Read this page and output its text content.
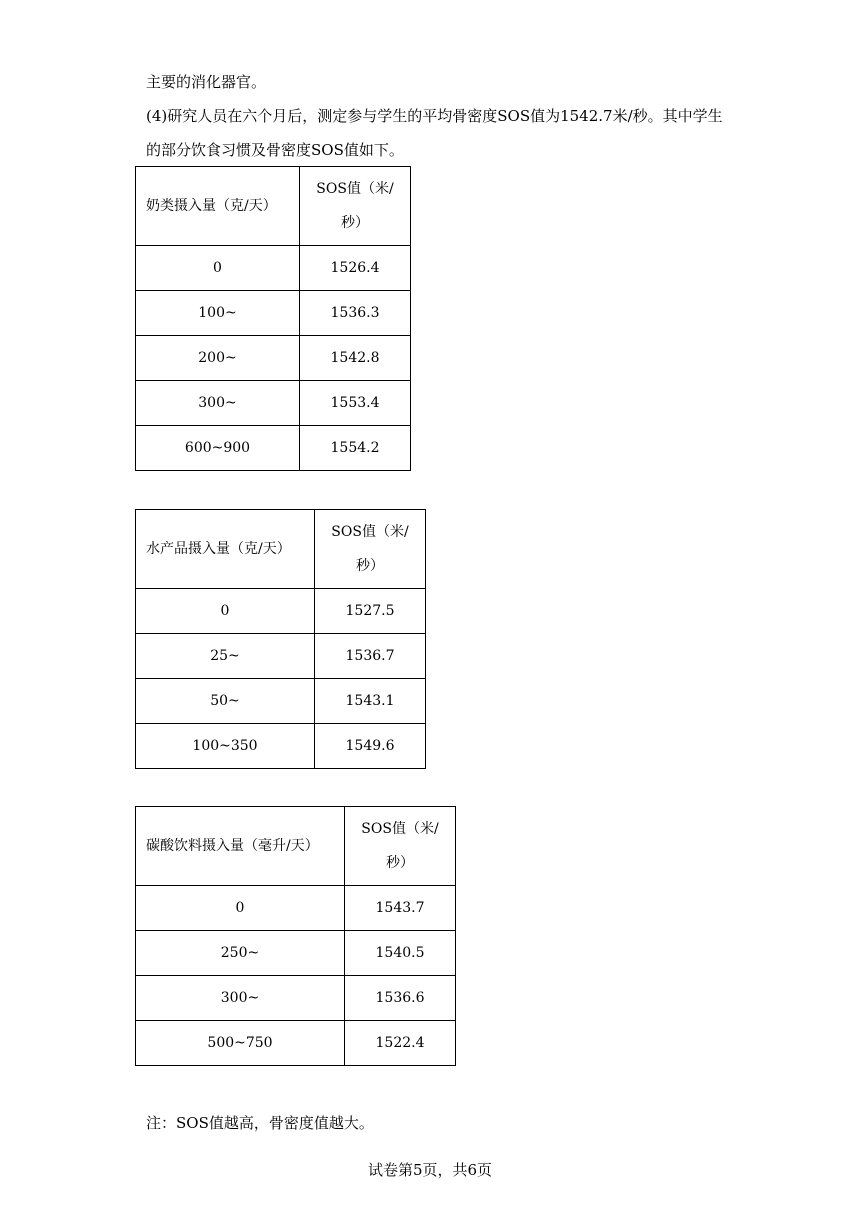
主要的消化器官。
(4)研究人员在六个月后，测定参与学生的平均骨密度SOS值为1542.7米/秒。其中学生
的部分饮食习惯及骨密度SOS值如下。
奶类摄入量（克/天）	SOS值（米/
秒）
0	1526.4
100~	1536.3
200~	1542.8
300~	1553.4
600~900	1554.2
水产品摄入量（克/天）	SOS值（米/
秒）
0	1527.5
25~	1536.7
50~	1543.1
100~350	1549.6
碳酸饮料摄入量（毫升/天）	SOS值（米/
秒）
0	1543.7
250~	1540.5
300~	1536.6
500~750	1522.4
注：SOS值越高，骨密度值越大。
试卷第5页，共6页
